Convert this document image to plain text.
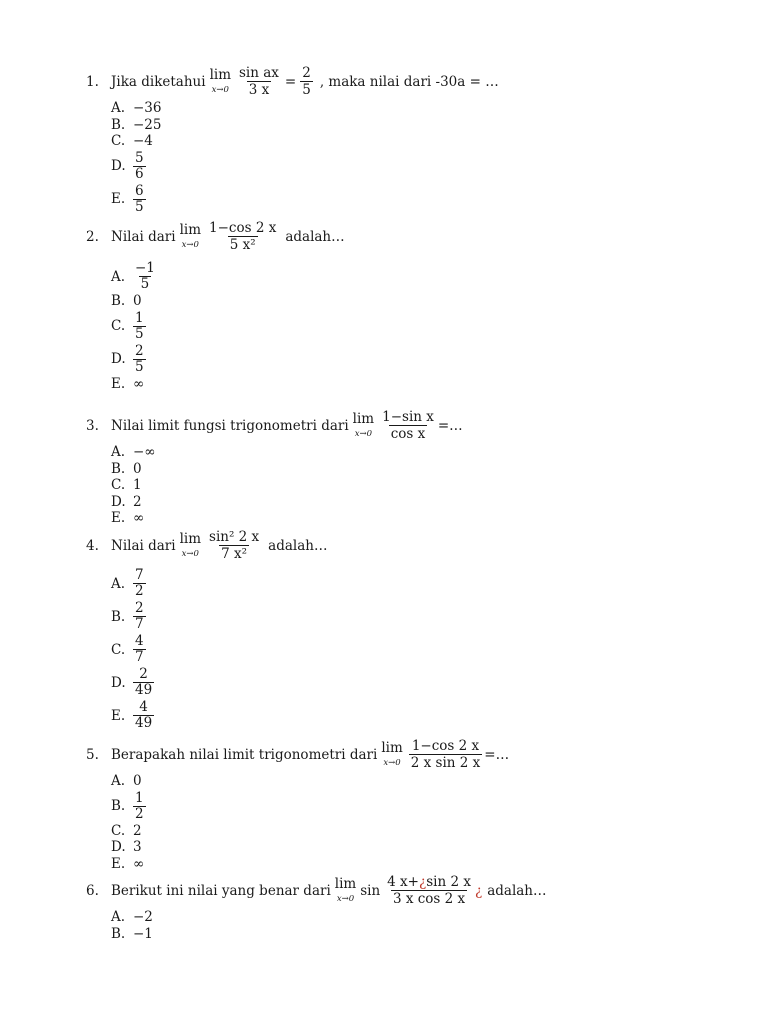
1. Jika diketahui lim
$x\to 0 \frac{\text{sin ax}}{3 x} = \frac{2}{5}$ , maka nilai dari -30a = …
A. −36
B. −25
C. −4
D. $\frac{5}{6}$
E. $\frac{6}{5}$
2. Nilai dari lim
$x\to 0 \frac{1-\cos 2 x}{\text{5 x²}}$ adalah…
A. $\frac{-1}{5}$
B. 0
C. $\frac{1}{5}$
D. $\frac{2}{5}$
E. ∞
3. Nilai limit fungsi trigonometri dari lim
$x\to 0 \frac{\text{1−sin x}}{\text{cos x}}$ =…
A. −∞
B. 0
C. 1
D. 2
E. ∞
4. Nilai dari lim
$x\to 0 \frac{\text{sin² 2 x}}{\text{7 x²}}$ adalah…
A. $\frac{7}{2}$
B. $\frac{2}{7}$
C. $\frac{4}{7}$
D. $\frac{2}{49}$
E. $\frac{4}{49}$
5. Berapakah nilai limit trigonometri dari lim
$x\to 0 \frac{1-\cos 2 x}{\text{2 x sin 2 x}}$ =…
A. 0
B. $\frac{1}{2}$
C. 2
D. 3
E. ∞
6. Berikut ini nilai yang benar dari lim
x→0 $\sin \frac{4 x+¿\sin 2 x}{\text{3 x cos 2 x}}$ ¿ adalah…
A. −2
B. −1
